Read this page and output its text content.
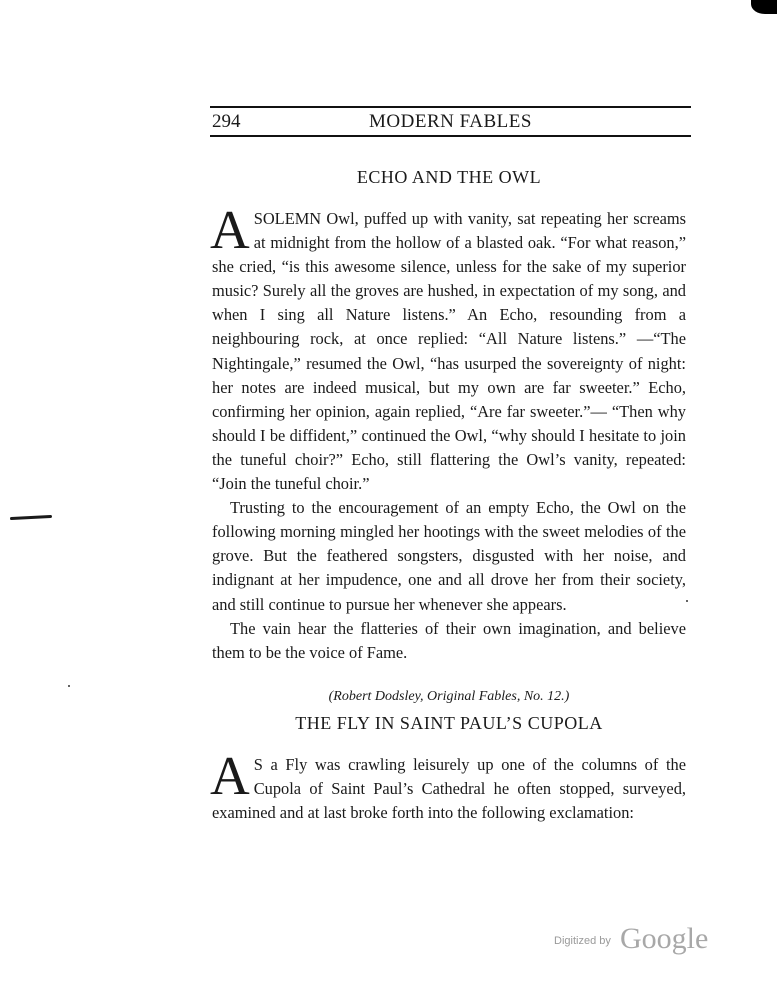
294	MODERN FABLES
ECHO AND THE OWL

ASOLEMN Owl, puffed up with vanity, sat repeating her screams at midnight from the hollow of a blasted oak. “For what reason,” she cried, “is this awesome silence, unless for the sake of my superior music? Surely all the groves are hushed, in expectation of my song, and when I sing all Nature listens.” An Echo, resounding from a neighbouring rock, at once replied: “All Nature listens.” —“The Nightingale,” resumed the Owl, “has usurped the sovereignty of night: her notes are indeed musical, but my own are far sweeter.” Echo, confirming her opinion, again replied, “Are far sweeter.”— “Then why should I be diffident,” continued the Owl, “why should I hesitate to join the tuneful choir?” Echo, still flattering the Owl’s vanity, repeated: “Join the tuneful choir.”

Trusting to the encouragement of an empty Echo, the Owl on the following morning mingled her hootings with the sweet melodies of the grove. But the feathered songsters, disgusted with her noise, and indignant at her impudence, one and all drove her from their society, and still continue to pursue her whenever she appears.

The vain hear the flatteries of their own imagination, and believe them to be the voice of Fame.

(Robert Dodsley, Original Fables, No. 12.)

THE FLY IN SAINT PAUL’S CUPOLA

A S a Fly was crawling leisurely up one of the columns of the Cupola of Saint Paul’s Cathedral he often stopped, surveyed, examined and at last broke forth into the following exclamation:

Digitized by Google
